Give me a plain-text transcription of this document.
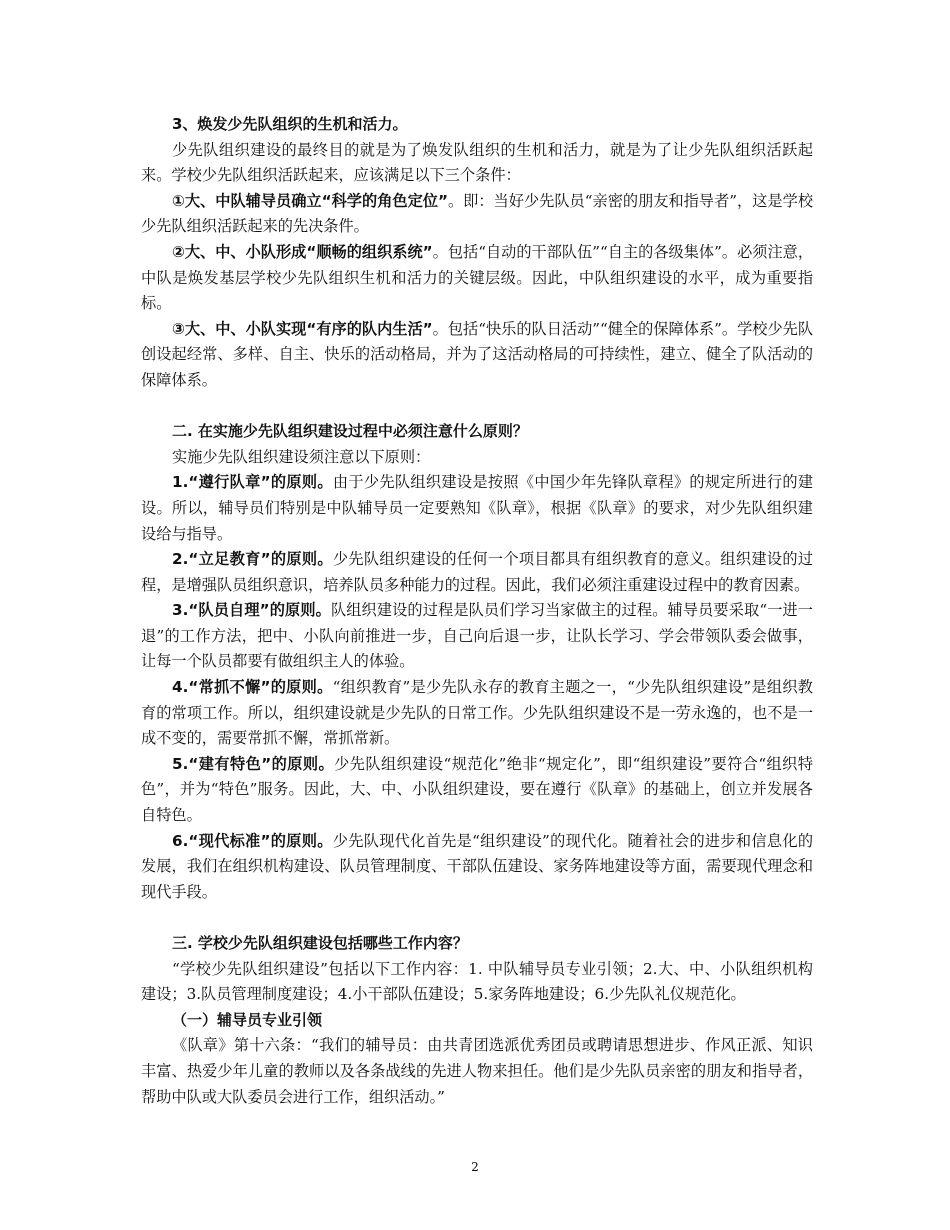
3、焕发少先队组织的生机和活力。

少先队组织建设的最终目的就是为了焕发队组织的生机和活力，就是为了让少先队组织活跃起来。学校少先队组织活跃起来，应该满足以下三个条件：

①大、中队辅导员确立“科学的角色定位”。即：当好少先队员“亲密的朋友和指导者”，这是学校少先队组织活跃起来的先决条件。

②大、中、小队形成“顺畅的组织系统”。包括“自动的干部队伍”“自主的各级集体”。必须注意，中队是焕发基层学校少先队组织生机和活力的关键层级。因此，中队组织建设的水平，成为重要指标。

③大、中、小队实现“有序的队内生活”。包括“快乐的队日活动”“健全的保障体系”。学校少先队创设起经常、多样、自主、快乐的活动格局，并为了这活动格局的可持续性，建立、健全了队活动的保障体系。

二. 在实施少先队组织建设过程中必须注意什么原则？

实施少先队组织建设须注意以下原则：

1.“遵行队章”的原则。由于少先队组织建设是按照《中国少年先锋队章程》的规定所进行的建设。所以，辅导员们特别是中队辅导员一定要熟知《队章》，根据《队章》的要求，对少先队组织建设给与指导。

2.“立足教育”的原则。少先队组织建设的任何一个项目都具有组织教育的意义。组织建设的过程，是增强队员组织意识，培养队员多种能力的过程。因此，我们必须注重建设过程中的教育因素。

3.“队员自理”的原则。队组织建设的过程是队员们学习当家做主的过程。辅导员要采取“一进一退”的工作方法，把中、小队向前推进一步，自己向后退一步，让队长学习、学会带领队委会做事，让每一个队员都要有做组织主人的体验。

4.“常抓不懈”的原则。“组织教育”是少先队永存的教育主题之一，“少先队组织建设”是组织教育的常项工作。所以，组织建设就是少先队的日常工作。少先队组织建设不是一劳永逸的，也不是一成不变的，需要常抓不懈，常抓常新。

5.“建有特色”的原则。少先队组织建设“规范化”绝非“规定化”，即“组织建设”要符合“组织特色”，并为“特色”服务。因此，大、中、小队组织建设，要在遵行《队章》的基础上，创立并发展各自特色。

6.“现代标准”的原则。少先队现代化首先是“组织建设”的现代化。随着社会的进步和信息化的发展，我们在组织机构建设、队员管理制度、干部队伍建设、家务阵地建设等方面，需要现代理念和现代手段。

三. 学校少先队组织建设包括哪些工作内容？

“学校少先队组织建设”包括以下工作内容：1. 中队辅导员专业引领；2.大、中、小队组织机构建设；3.队员管理制度建设；4.小干部队伍建设；5.家务阵地建设；6.少先队礼仪规范化。

（一）辅导员专业引领

《队章》第十六条：“我们的辅导员：由共青团选派优秀团员或聘请思想进步、作风正派、知识丰富、热爱少年儿童的教师以及各条战线的先进人物来担任。他们是少先队员亲密的朋友和指导者，帮助中队或大队委员会进行工作，组织活动。”

2
